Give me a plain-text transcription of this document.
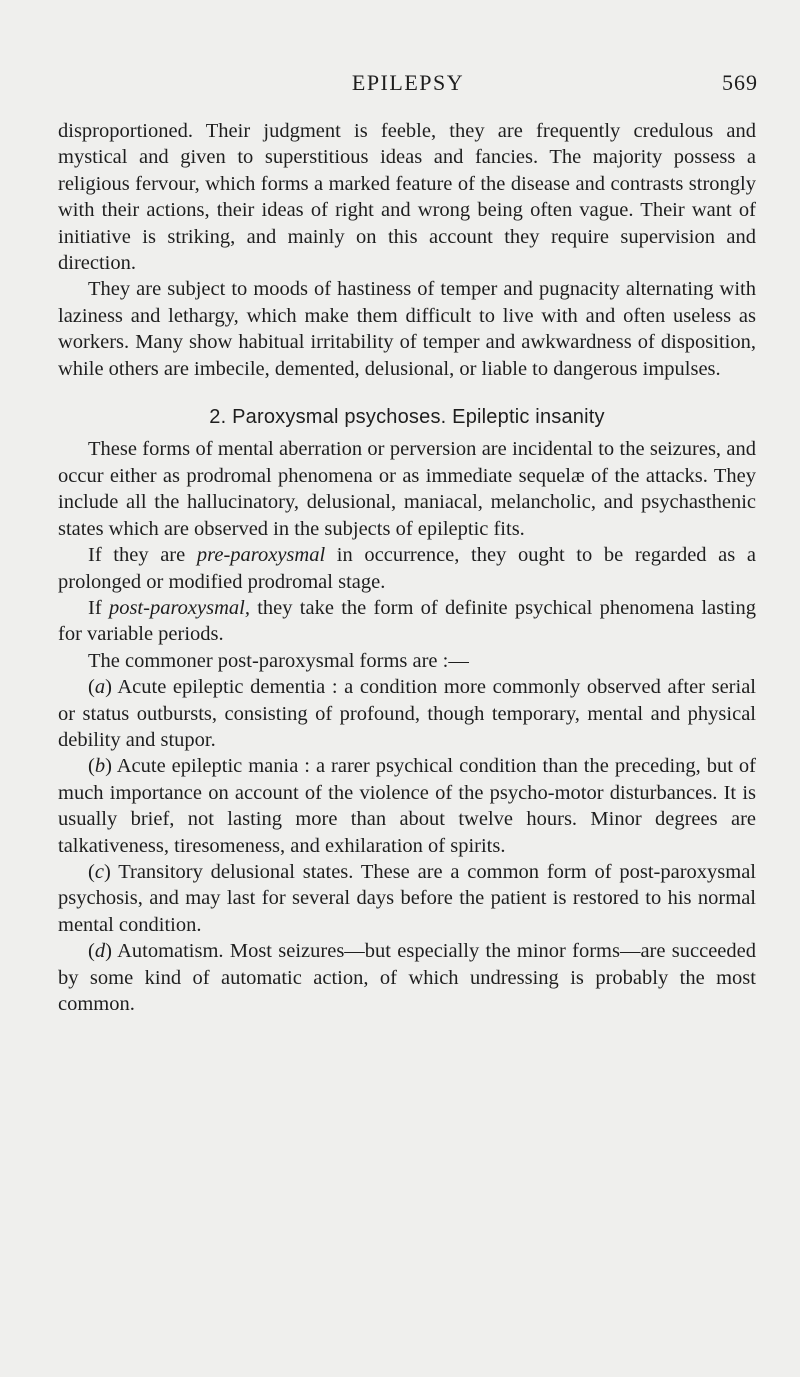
EPILEPSY	569

disproportioned. Their judgment is feeble, they are frequently credulous and mystical and given to superstitious ideas and fancies. The majority possess a religious fervour, which forms a marked feature of the disease and contrasts strongly with their actions, their ideas of right and wrong being often vague. Their want of initiative is striking, and mainly on this account they require supervision and direction.

They are subject to moods of hastiness of temper and pugnacity alternating with laziness and lethargy, which make them difficult to live with and often useless as workers. Many show habitual irritability of temper and awkwardness of disposition, while others are imbecile, demented, delusional, or liable to dangerous impulses.

2. Paroxysmal psychoses. Epileptic insanity

These forms of mental aberration or perversion are incidental to the seizures, and occur either as prodromal phenomena or as immediate sequelæ of the attacks. They include all the hallucinatory, delusional, maniacal, melancholic, and psychasthenic states which are observed in the subjects of epileptic fits.

If they are pre-paroxysmal in occurrence, they ought to be regarded as a prolonged or modified prodromal stage.

If post-paroxysmal, they take the form of definite psychical phenomena lasting for variable periods.

The commoner post-paroxysmal forms are :—

(a) Acute epileptic dementia : a condition more commonly observed after serial or status outbursts, consisting of profound, though temporary, mental and physical debility and stupor.

(b) Acute epileptic mania : a rarer psychical condition than the preceding, but of much importance on account of the violence of the psycho-motor disturbances. It is usually brief, not lasting more than about twelve hours. Minor degrees are talkativeness, tiresomeness, and exhilaration of spirits.

(c) Transitory delusional states. These are a common form of post-paroxysmal psychosis, and may last for several days before the patient is restored to his normal mental condition.

(d) Automatism. Most seizures—but especially the minor forms—are succeeded by some kind of automatic action, of which undressing is probably the most common.
